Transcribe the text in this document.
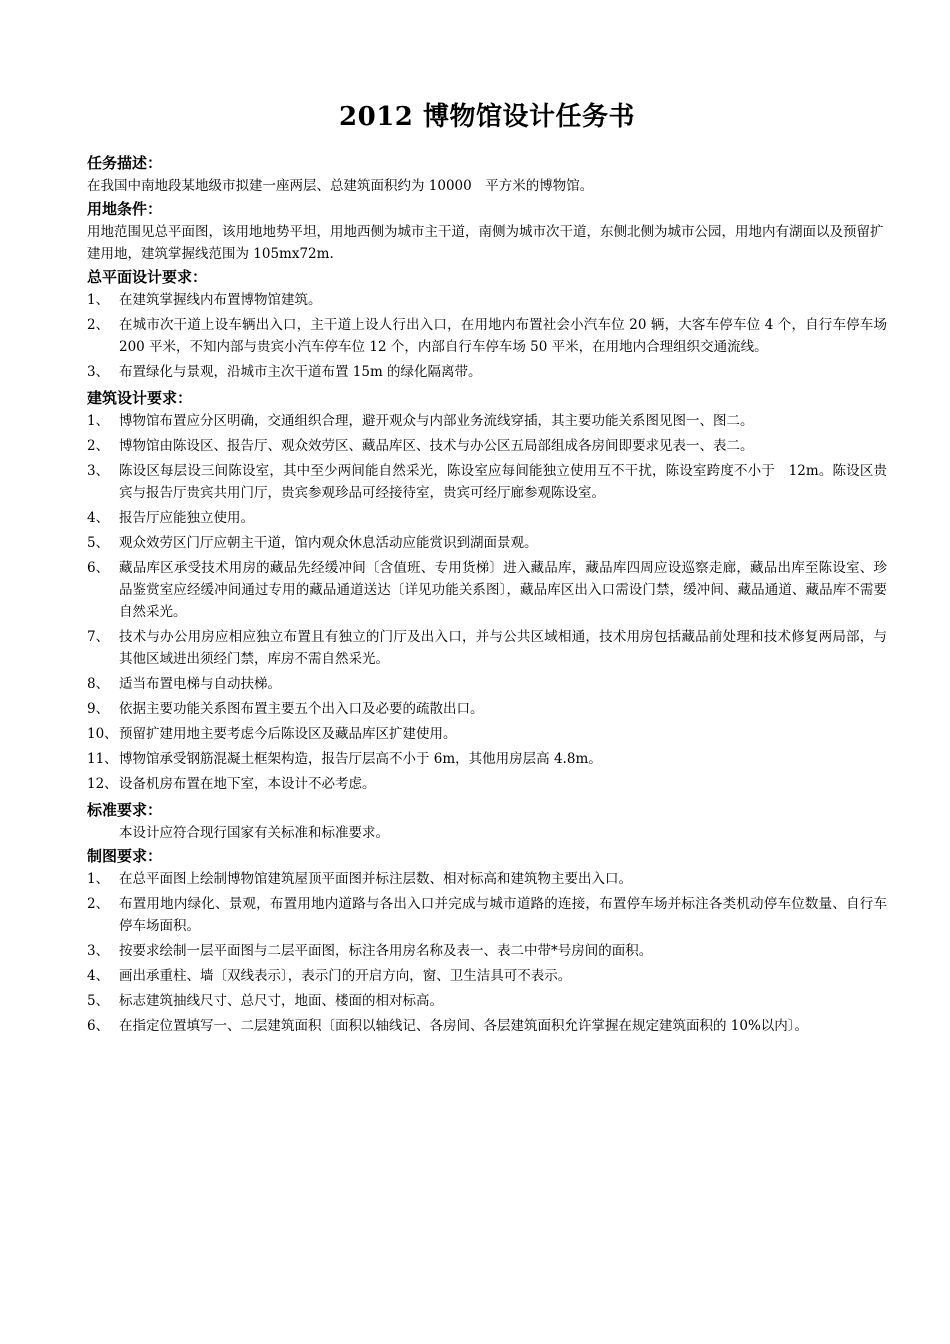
2012 博物馆设计任务书
任务描述：

在我国中南地段某地级市拟建一座两层、总建筑面积约为 10000　平方米的博物馆。

用地条件：

用地范围见总平面图，该用地地势平坦，用地西侧为城市主干道，南侧为城市次干道，东侧北侧为城市公园，用地内有湖面以及预留扩建用地，建筑掌握线范围为 105mx72m.

总平面设计要求：
1、 在建筑掌握线内布置博物馆建筑。
2、 在城市次干道上设车辆出入口，主干道上设人行出入口，在用地内布置社会小汽车位 20 辆，大客车停车位 4 个，自行车停车场 200 平米，不知内部与贵宾小汽车停车位 12 个，内部自行车停车场 50 平米，在用地内合理组织交通流线。
3、 布置绿化与景观，沿城市主次干道布置 15m 的绿化隔离带。
建筑设计要求：
1、 博物馆布置应分区明确，交通组织合理，避开观众与内部业务流线穿插，其主要功能关系图见图一、图二。
2、 博物馆由陈设区、报告厅、观众效劳区、藏品库区、技术与办公区五局部组成各房间即要求见表一、表二。
3、 陈设区每层设三间陈设室，其中至少两间能自然采光，陈设室应每间能独立使用互不干扰，陈设室跨度不小于　12m。陈设区贵宾与报告厅贵宾共用门厅，贵宾参观珍品可经接待室，贵宾可经厅廊参观陈设室。
4、 报告厅应能独立使用。
5、 观众效劳区门厅应朝主干道，馆内观众休息活动应能赏识到湖面景观。
6、 藏品库区承受技术用房的藏品先经缓冲间〔含值班、专用货梯〕进入藏品库，藏品库四周应设巡察走廊，藏品出库至陈设室、珍品鉴赏室应经缓冲间通过专用的藏品通道送达〔详见功能关系图〕，藏品库区出入口需设门禁，缓冲间、藏品通道、藏品库不需要自然采光。
7、 技术与办公用房应相应独立布置且有独立的门厅及出入口，并与公共区域相通，技术用房包括藏品前处理和技术修复两局部，与其他区域进出须经门禁，库房不需自然采光。
8、 适当布置电梯与自动扶梯。
9、 依据主要功能关系图布置主要五个出入口及必要的疏散出口。
10、 预留扩建用地主要考虑今后陈设区及藏品库区扩建使用。
11、 博物馆承受钢筋混凝土框架构造，报告厅层高不小于 6m，其他用房层高 4.8m。
12、 设备机房布置在地下室，本设计不必考虑。
标准要求：

本设计应符合现行国家有关标准和标准要求。

制图要求：
1、 在总平面图上绘制博物馆建筑屋顶平面图并标注层数、相对标高和建筑物主要出入口。
2、 布置用地内绿化、景观，布置用地内道路与各出入口并完成与城市道路的连接，布置停车场并标注各类机动停车位数量、自行车停车场面积。
3、 按要求绘制一层平面图与二层平面图，标注各用房名称及表一、表二中带*号房间的面积。
4、 画出承重柱、墙〔双线表示〕，表示门的开启方向，窗、卫生洁具可不表示。
5、 标志建筑抽线尺寸、总尺寸，地面、楼面的相对标高。
6、 在指定位置填写一、二层建筑面积〔面积以轴线记、各房间、各层建筑面积允许掌握在规定建筑面积的 10%以内〕。
